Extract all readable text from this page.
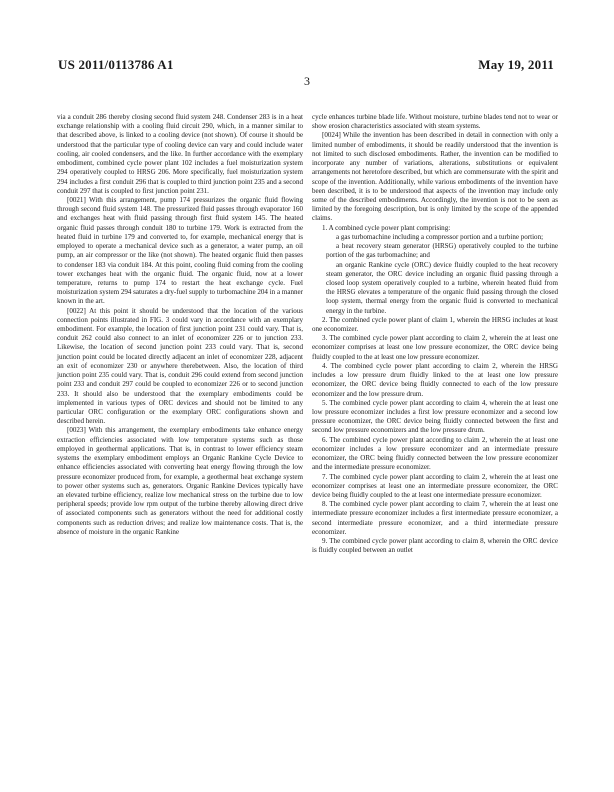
US 2011/0113786 A1	May 19, 2011
3

via a conduit 286 thereby closing second fluid system 248. Condenser 283 is in a heat exchange relationship with a cooling fluid circuit 290, which, in a manner similar to that described above, is linked to a cooling device (not shown). Of course it should be understood that the particular type of cooling device can vary and could include water cooling, air cooled condensers, and the like. In further accordance with the exemplary embodiment, combined cycle power plant 102 includes a fuel moisturization system 294 operatively coupled to HRSG 206. More specifically, fuel moisturization system 294 includes a first conduit 296 that is coupled to third junction point 235 and a second conduit 297 that is coupled to first junction point 231.

[0021] With this arrangement, pump 174 pressurizes the organic fluid flowing through second fluid system 148. The pressurized fluid passes through evaporator 160 and exchanges heat with fluid passing through first fluid system 145. The heated organic fluid passes through conduit 180 to turbine 179. Work is extracted from the heated fluid in turbine 179 and converted to, for example, mechanical energy that is employed to operate a mechanical device such as a generator, a water pump, an oil pump, an air compressor or the like (not shown). The heated organic fluid then passes to condenser 183 via conduit 184. At this point, cooling fluid coming from the cooling tower exchanges heat with the organic fluid. The organic fluid, now at a lower temperature, returns to pump 174 to restart the heat exchange cycle. Fuel moisturization system 294 saturates a dry-fuel supply to turbomachine 204 in a manner known in the art.

[0022] At this point it should be understood that the location of the various connection points illustrated in FIG. 3 could vary in accordance with an exemplary embodiment. For example, the location of first junction point 231 could vary. That is, conduit 262 could also connect to an inlet of economizer 226 or to junction 233. Likewise, the location of second junction point 233 could vary. That is, second junction point could be located directly adjacent an inlet of economizer 228, adjacent an exit of economizer 230 or anywhere therebetween. Also, the location of third junction point 235 could vary. That is, conduit 296 could extend from second junction point 233 and conduit 297 could be coupled to economizer 226 or to second junction 233. It should also be understood that the exemplary embodiments could be implemented in various types of ORC devices and should not be limited to any particular ORC configuration or the exemplary ORC configurations shown and described herein.

[0023] With this arrangement, the exemplary embodiments take enhance energy extraction efficiencies associated with low temperature systems such as those employed in geothermal applications. That is, in contrast to lower efficiency steam systems the exemplary embodiment employs an Organic Rankine Cycle Device to enhance efficiencies associated with converting heat energy flowing through the low pressure economizer produced from, for example, a geothermal heat exchange system to power other systems such as, generators. Organic Rankine Devices typically have an elevated turbine efficiency, realize low mechanical stress on the turbine due to low peripheral speeds; provide low rpm output of the turbine thereby allowing direct drive of associated components such as generators without the need for additional costly components such as reduction drives; and realize low maintenance costs. That is, the absence of moisture in the organic Rankine

cycle enhances turbine blade life. Without moisture, turbine blades tend not to wear or show erosion characteristics associated with steam systems.

[0024] While the invention has been described in detail in connection with only a limited number of embodiments, it should be readily understood that the invention is not limited to such disclosed embodiments. Rather, the invention can be modified to incorporate any number of variations, alterations, substitutions or equivalent arrangements not heretofore described, but which are commensurate with the spirit and scope of the invention. Additionally, while various embodiments of the invention have been described, it is to be understood that aspects of the invention may include only some of the described embodiments. Accordingly, the invention is not to be seen as limited by the foregoing description, but is only limited by the scope of the appended claims.

1. A combined cycle power plant comprising:

a gas turbomachine including a compressor portion and a turbine portion;

a heat recovery steam generator (HRSG) operatively coupled to the turbine portion of the gas turbomachine; and

an organic Rankine cycle (ORC) device fluidly coupled to the heat recovery steam generator, the ORC device including an organic fluid passing through a closed loop system operatively coupled to a turbine, wherein heated fluid from the HRSG elevates a temperature of the organic fluid passing through the closed loop system, thermal energy from the organic fluid is converted to mechanical energy in the turbine.

2. The combined cycle power plant of claim 1, wherein the HRSG includes at least one economizer.

3. The combined cycle power plant according to claim 2, wherein the at least one economizer comprises at least one low pressure economizer, the ORC device being fluidly coupled to the at least one low pressure economizer.

4. The combined cycle power plant according to claim 2, wherein the HRSG includes a low pressure drum fluidly linked to the at least one low pressure economizer, the ORC device being fluidly connected to each of the low pressure economizer and the low pressure drum.

5. The combined cycle power plant according to claim 4, wherein the at least one low pressure economizer includes a first low pressure economizer and a second low pressure economizer, the ORC device being fluidly connected between the first and second low pressure economizers and the low pressure drum.

6. The combined cycle power plant according to claim 2, wherein the at least one economizer includes a low pressure economizer and an intermediate pressure economizer, the ORC being fluidly connected between the low pressure economizer and the intermediate pressure economizer.

7. The combined cycle power plant according to claim 2, wherein the at least one economizer comprises at least one an intermediate pressure economizer, the ORC device being fluidly coupled to the at least one intermediate pressure economizer.

8. The combined cycle power plant according to claim 7, wherein the at least one intermediate pressure economizer includes a first intermediate pressure economizer, a second intermediate pressure economizer, and a third intermediate pressure economizer.

9. The combined cycle power plant according to claim 8, wherein the ORC device is fluidly coupled between an outlet
